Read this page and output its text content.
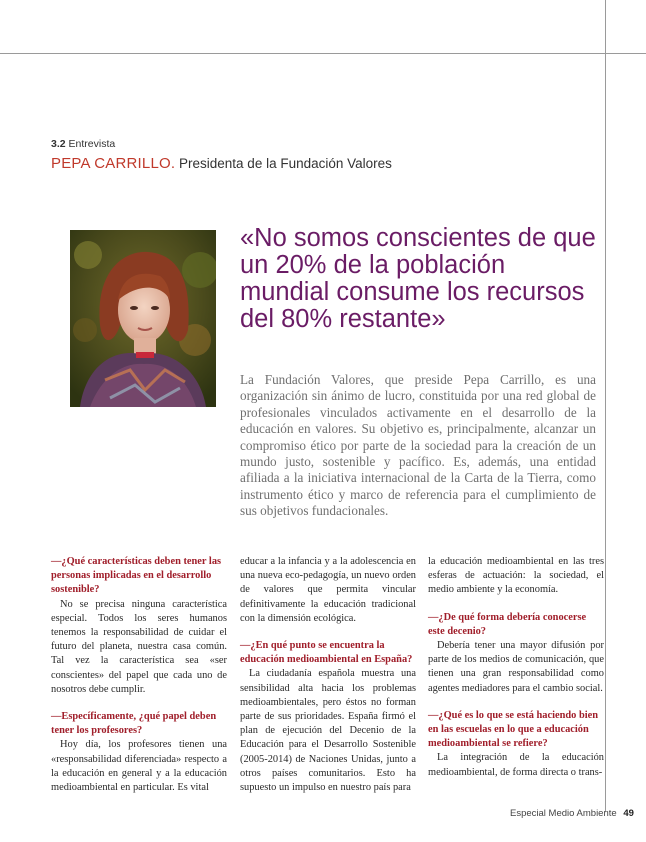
3.2 Entrevista
PEPA CARRILLO. Presidenta de la Fundación Valores
«No somos conscientes de que un 20% de la población mundial consume los recursos del 80% restante»

La Fundación Valores, que preside Pepa Carrillo, es una organización sin ánimo de lucro, constituida por una red global de profesionales vinculados activamente en el desarrollo de la educación en valores. Su objetivo es, principalmente, alcanzar un compromiso ético por parte de la sociedad para la creación de un mundo justo, sostenible y pacífico. Es, además, una entidad afiliada a la iniciativa internacional de la Carta de la Tierra, como instrumento ético y marco de referencia para el cumplimiento de sus objetivos fundacionales.

—¿Qué características deben tener las personas implicadas en el desarrollo sostenible?

No se precisa ninguna característica especial. Todos los seres humanos tenemos la responsabilidad de cuidar el futuro del planeta, nuestra casa común. Tal vez la característica sea «ser conscientes» del papel que cada uno de nosotros debe cumplir.

—Específicamente, ¿qué papel deben tener los profesores?

Hoy día, los profesores tienen una «responsabilidad diferenciada» respecto a la educación en general y a la educación medioambiental en particular. Es vital

educar a la infancia y a la adolescencia en una nueva eco-pedagogía, un nuevo orden de valores que permita vincular definitivamente la educación tradicional con la dimensión ecológica.

—¿En qué punto se encuentra la educación medioambiental en España?

La ciudadanía española muestra una sensibilidad alta hacia los problemas medioambientales, pero éstos no forman parte de sus prioridades. España firmó el plan de ejecución del Decenio de la Educación para el Desarrollo Sostenible (2005-2014) de Naciones Unidas, junto a otros países comunitarios. Esto ha supuesto un impulso en nuestro país para

la educación medioambiental en las tres esferas de actuación: la sociedad, el medio ambiente y la economía.

—¿De qué forma debería conocerse este decenio?

Debería tener una mayor difusión por parte de los medios de comunicación, que tienen una gran responsabilidad como agentes mediadores para el cambio social.

—¿Qué es lo que se está haciendo bien en las escuelas en lo que a educación medioambiental se refiere?

La integración de la educación medioambiental, de forma directa o trans-

Especial Medio Ambiente 49
